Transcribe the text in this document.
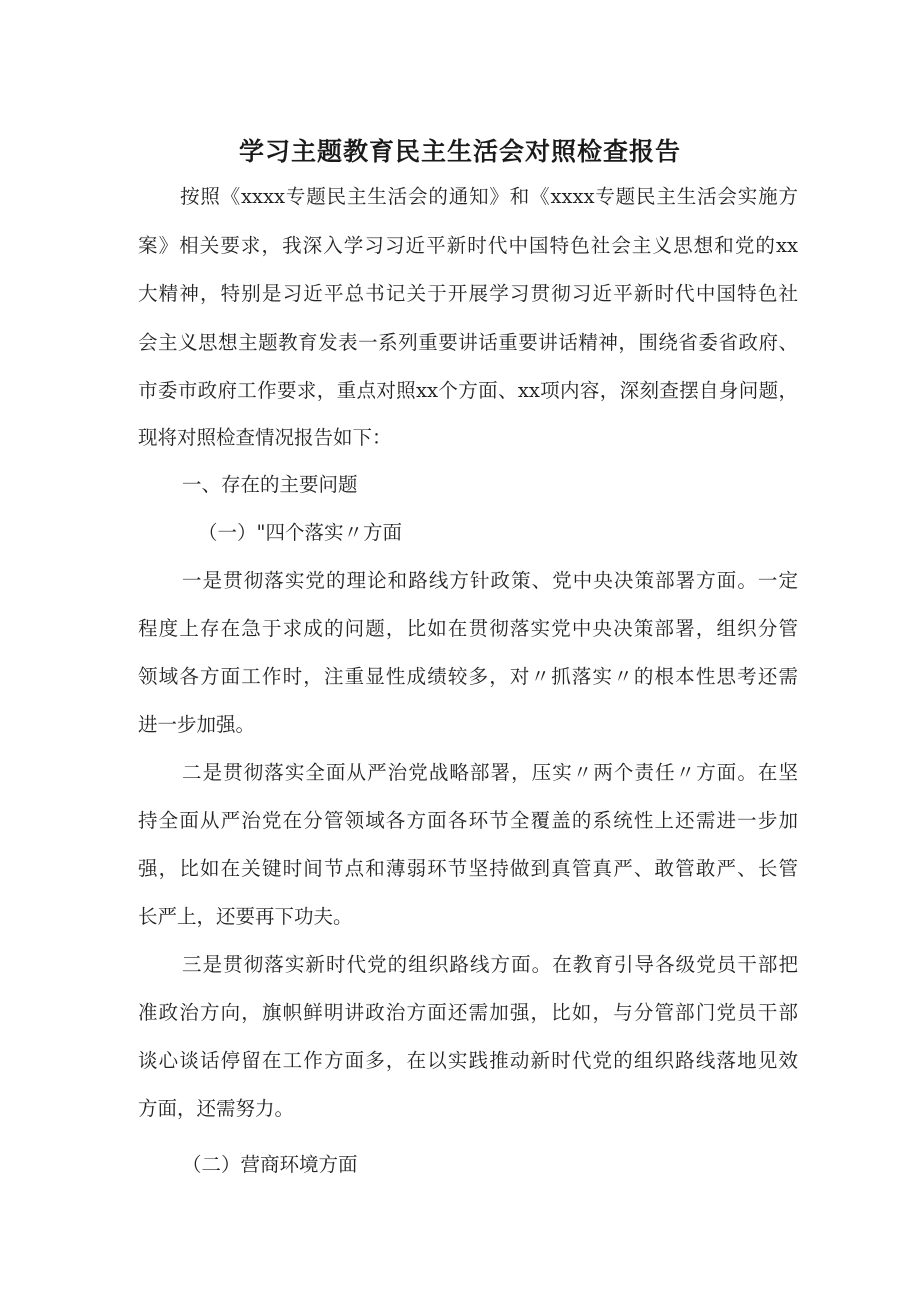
学习主题教育民主生活会对照检查报告

按照《xxxx专题民主生活会的通知》和《xxxx专题民主生活会实施方

案》相关要求，我深入学习习近平新时代中国特色社会主义思想和党的xx

大精神，特别是习近平总书记关于开展学习贯彻习近平新时代中国特色社

会主义思想主题教育发表一系列重要讲话重要讲话精神，围绕省委省政府、

市委市政府工作要求，重点对照xx个方面、xx项内容，深刻查摆自身问题，

现将对照检查情况报告如下：

一、存在的主要问题

（一）"四个落实〃方面

一是贯彻落实党的理论和路线方针政策、党中央决策部署方面。一定

程度上存在急于求成的问题，比如在贯彻落实党中央决策部署，组织分管

领域各方面工作时，注重显性成绩较多，对〃抓落实〃的根本性思考还需

进一步加强。

二是贯彻落实全面从严治党战略部署，压实〃两个责任〃方面。在坚

持全面从严治党在分管领域各方面各环节全覆盖的系统性上还需进一步加

强，比如在关键时间节点和薄弱环节坚持做到真管真严、敢管敢严、长管

长严上，还要再下功夫。

三是贯彻落实新时代党的组织路线方面。在教育引导各级党员干部把

准政治方向，旗帜鲜明讲政治方面还需加强，比如，与分管部门党员干部

谈心谈话停留在工作方面多，在以实践推动新时代党的组织路线落地见效

方面，还需努力。

（二）营商环境方面
